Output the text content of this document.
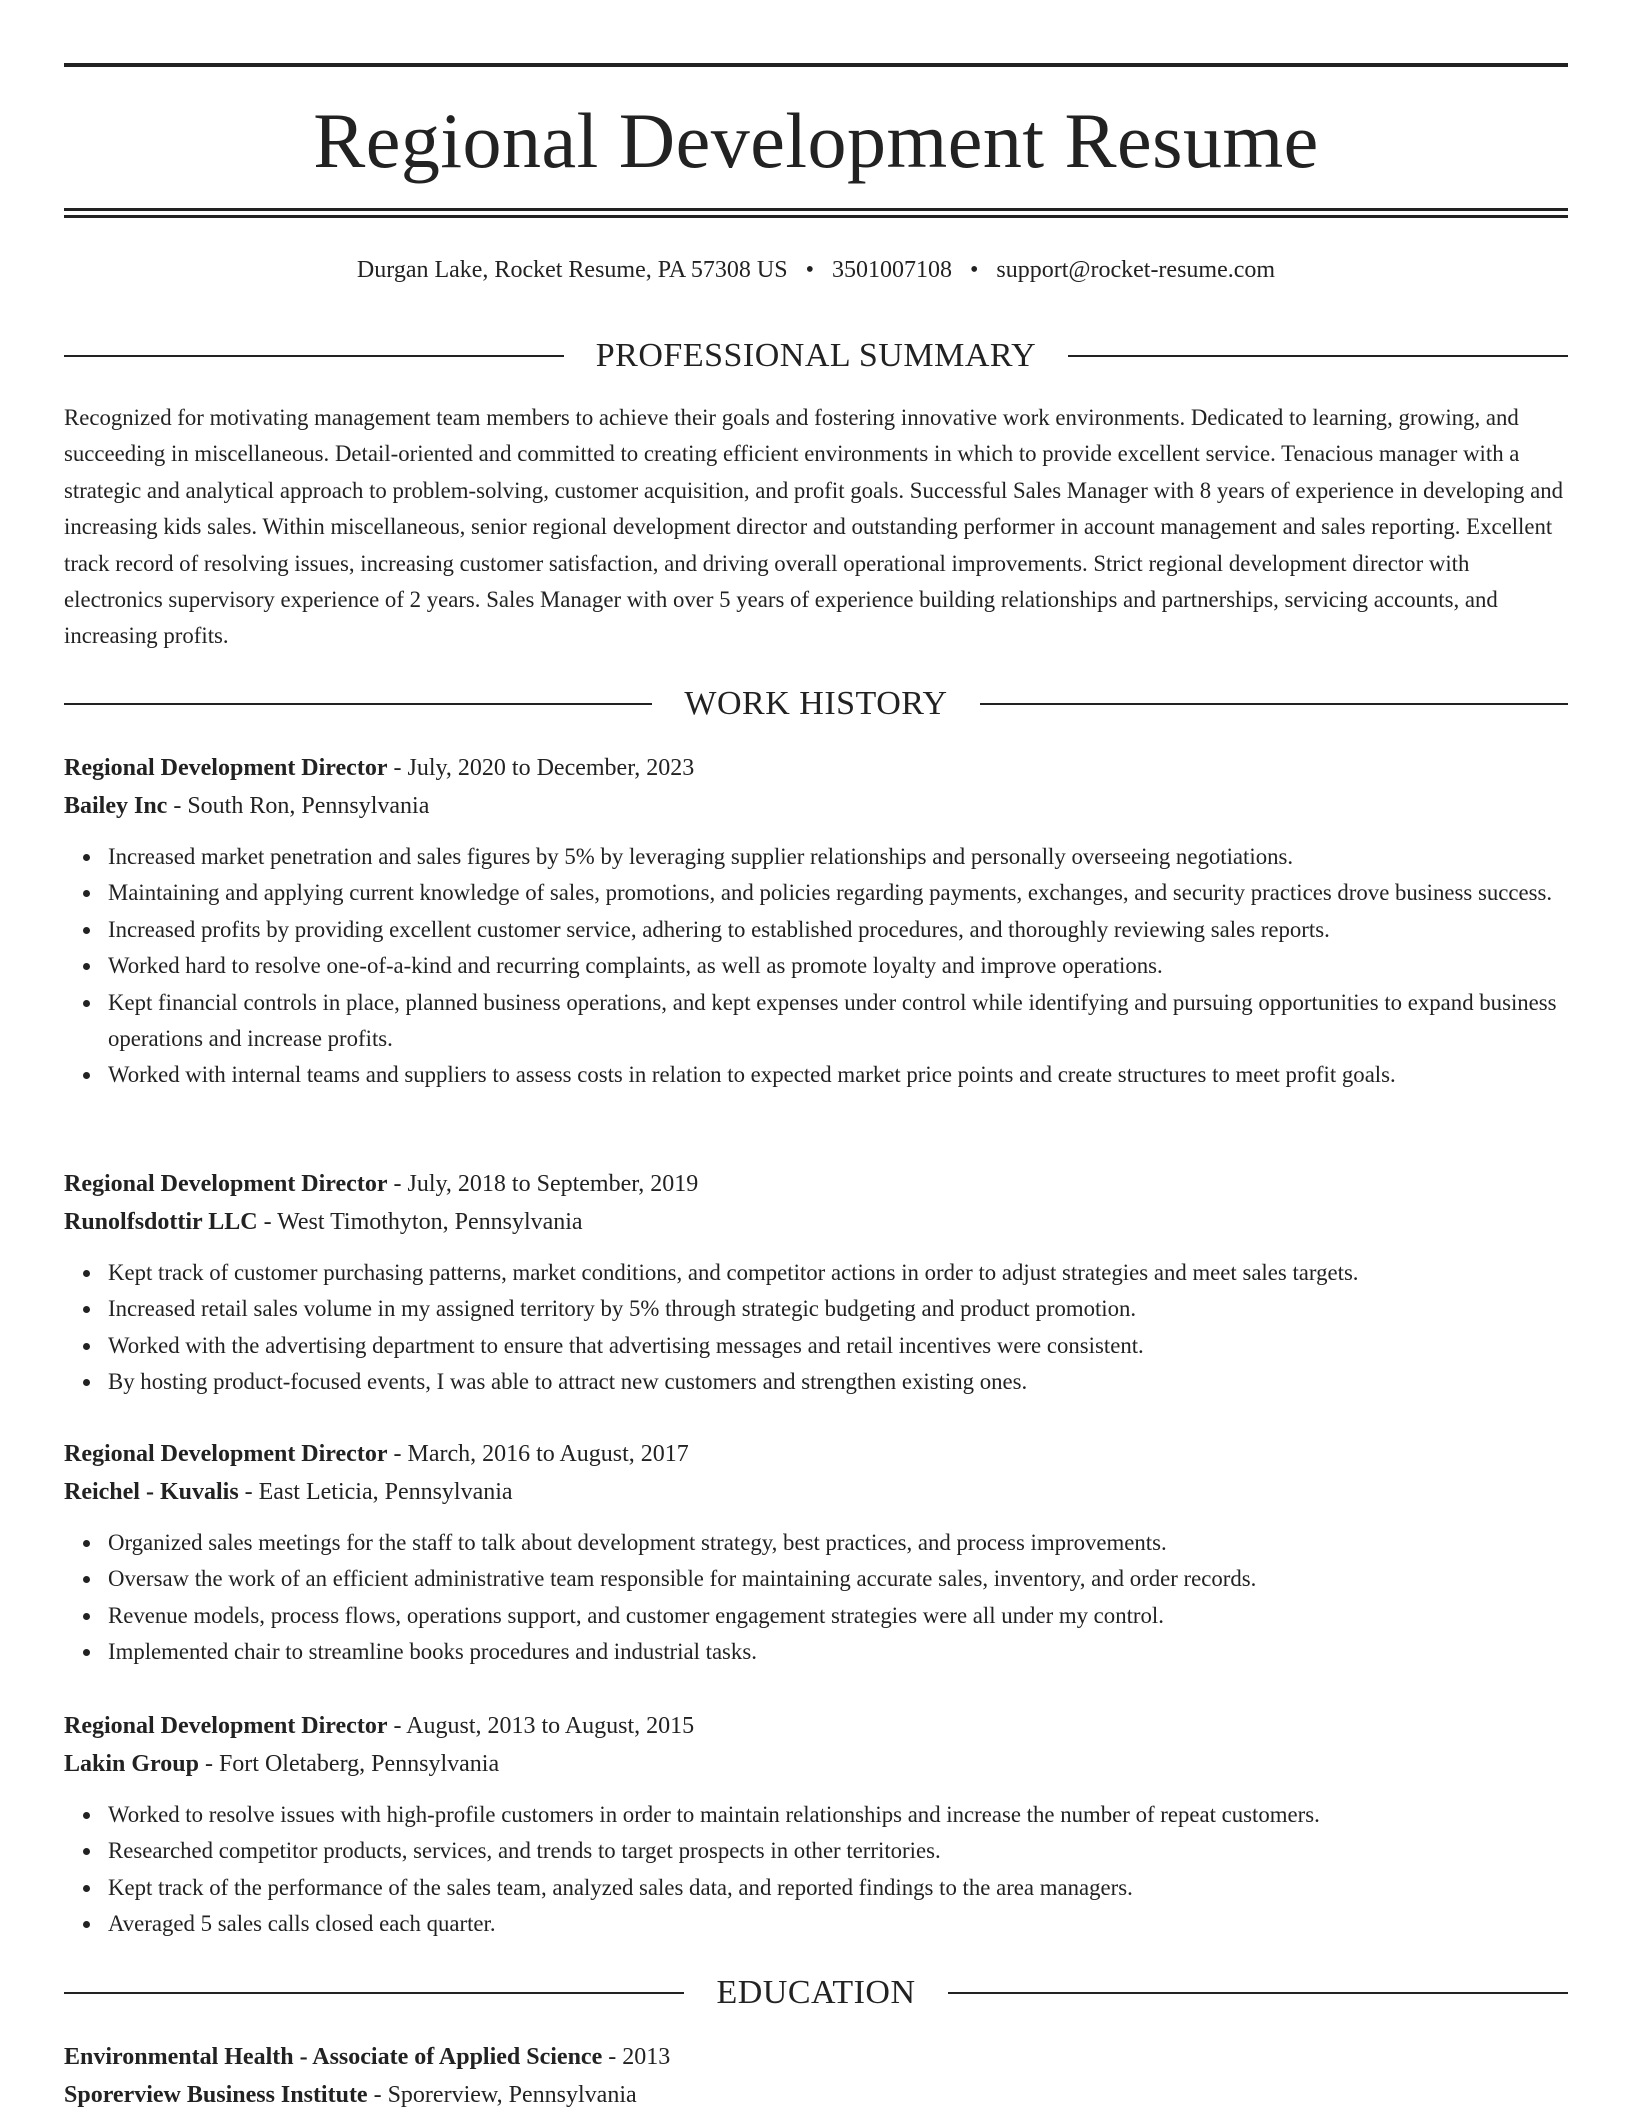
Regional Development Resume
Durgan Lake, Rocket Resume, PA 57308 US • 3501007108 • support@rocket-resume.com
PROFESSIONAL SUMMARY

Recognized for motivating management team members to achieve their goals and fostering innovative work environments. Dedicated to learning, growing, and succeeding in miscellaneous. Detail-oriented and committed to creating efficient environments in which to provide excellent service. Tenacious manager with a strategic and analytical approach to problem-solving, customer acquisition, and profit goals. Successful Sales Manager with 8 years of experience in developing and increasing kids sales. Within miscellaneous, senior regional development director and outstanding performer in account management and sales reporting. Excellent track record of resolving issues, increasing customer satisfaction, and driving overall operational improvements. Strict regional development director with electronics supervisory experience of 2 years. Sales Manager with over 5 years of experience building relationships and partnerships, servicing accounts, and increasing profits.

WORK HISTORY
Regional Development Director - July, 2020 to December, 2023
Bailey Inc - South Ron, Pennsylvania
Increased market penetration and sales figures by 5% by leveraging supplier relationships and personally overseeing negotiations.
Maintaining and applying current knowledge of sales, promotions, and policies regarding payments, exchanges, and security practices drove business success.
Increased profits by providing excellent customer service, adhering to established procedures, and thoroughly reviewing sales reports.
Worked hard to resolve one-of-a-kind and recurring complaints, as well as promote loyalty and improve operations.
Kept financial controls in place, planned business operations, and kept expenses under control while identifying and pursuing opportunities to expand business operations and increase profits.
Worked with internal teams and suppliers to assess costs in relation to expected market price points and create structures to meet profit goals.
Regional Development Director - July, 2018 to September, 2019
Runolfsdottir LLC - West Timothyton, Pennsylvania
Kept track of customer purchasing patterns, market conditions, and competitor actions in order to adjust strategies and meet sales targets.
Increased retail sales volume in my assigned territory by 5% through strategic budgeting and product promotion.
Worked with the advertising department to ensure that advertising messages and retail incentives were consistent.
By hosting product-focused events, I was able to attract new customers and strengthen existing ones.
Regional Development Director - March, 2016 to August, 2017
Reichel - Kuvalis - East Leticia, Pennsylvania
Organized sales meetings for the staff to talk about development strategy, best practices, and process improvements.
Oversaw the work of an efficient administrative team responsible for maintaining accurate sales, inventory, and order records.
Revenue models, process flows, operations support, and customer engagement strategies were all under my control.
Implemented chair to streamline books procedures and industrial tasks.
Regional Development Director - August, 2013 to August, 2015
Lakin Group - Fort Oletaberg, Pennsylvania
Worked to resolve issues with high-profile customers in order to maintain relationships and increase the number of repeat customers.
Researched competitor products, services, and trends to target prospects in other territories.
Kept track of the performance of the sales team, analyzed sales data, and reported findings to the area managers.
Averaged 5 sales calls closed each quarter.
EDUCATION
Environmental Health - Associate of Applied Science - 2013
Sporerview Business Institute - Sporerview, Pennsylvania
